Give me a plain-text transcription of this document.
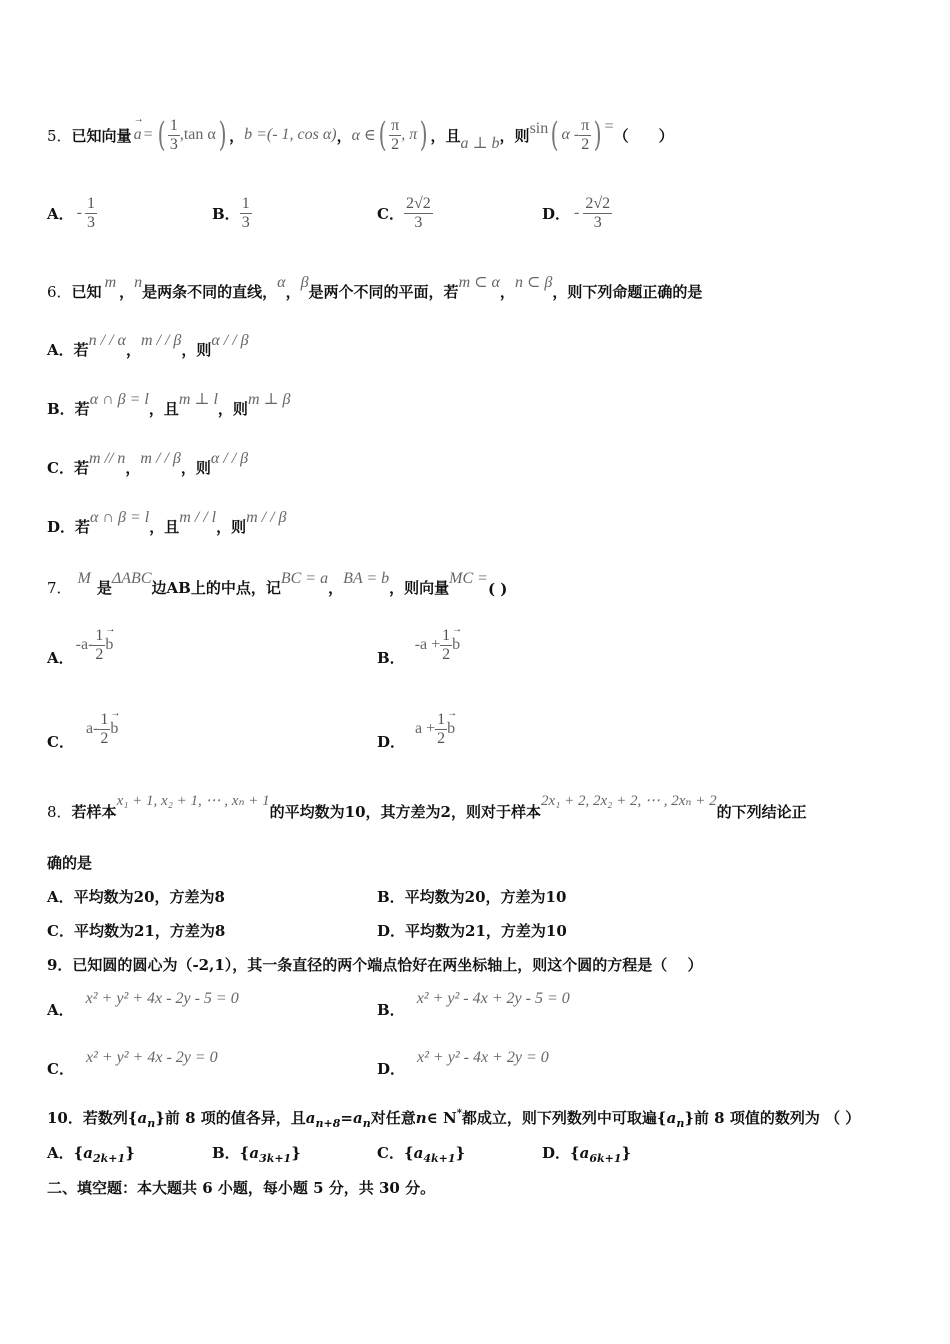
5． 已知向量
→ a = ( $\frac{1}{3} ,\tan$ α ) ， b =(- 1, cos α) ， α ∈ ( $\frac{\pi}{2}$ , π ) ，且 a ⊥ b ，则 sin ( α - $\frac{\pi}{2}$ ) = （　　）
A． - $\frac{1}{3}$	B． $\frac{1}{3}$	C． $\frac{2√2}{3}$	D． - $\frac{2√2}{3}$
6． 已知
m
，
n
是两条不同的直线，
α
，
β
是两个不同的平面，若
m ⊂ α
，
n ⊂ β
，则下列命题正确的是
A．若
n / / α
，
m / / β
，则
α / / β
B．若
α ∩ β = l
，且
m ⊥ l
，则
m ⊥ β
C．若
m // n
，
m / / β
，则
α / / β
D．若
α ∩ β = l
，且
m / / l
，则
m / / β
7．
M
是
ΔABC
边AB上的中点，记
BC = a
，
BA = b
，则向量
MC =
( )
A．
$-a- \frac{1}{2}$
→ b
B．
$-a + \frac{1}{2}$
→ b
C．
$a- \frac{1}{2}$
→ b
D．
$a + \frac{1}{2}$
→ b
8． 若样本
x₁ + 1, x₂ + 1, ⋯ , xₙ + 1
的平均数为10，其方差为2，则对于样本
2x₁ + 2, 2x₂ + 2, ⋯ , 2xₙ + 2
的下列结论正
确的是
A．平均数为20，方差为8	B．平均数为20，方差为10
C．平均数为21，方差为8	D．平均数为21，方差为10
9．已知圆的圆心为（-2,1），其一条直径的两个端点恰好在两坐标轴上，则这个圆的方程是（　 ）
A．
x² + y² + 4x - 2y - 5 = 0
B．
x² + y² - 4x + 2y - 5 = 0
C．
x² + y² + 4x - 2y = 0
D．
x² + y² - 4x + 2y = 0
10．若数列$\{a_n\}$前 8 项的值各异，且$a_{n+8}=a_n$对任意n∈ N*都成立，则下列数列中可取遍$\{a_n\}$前 8 项值的数列为 （ ）
A．$\{a_{2k+1}\}$	B．$\{a_{3k+1}\}$	C．$\{a_{4k+1}\}$	D．$\{a_{6k+1}\}$
二、填空题：本大题共 6 小题，每小题 5 分，共 30 分。
